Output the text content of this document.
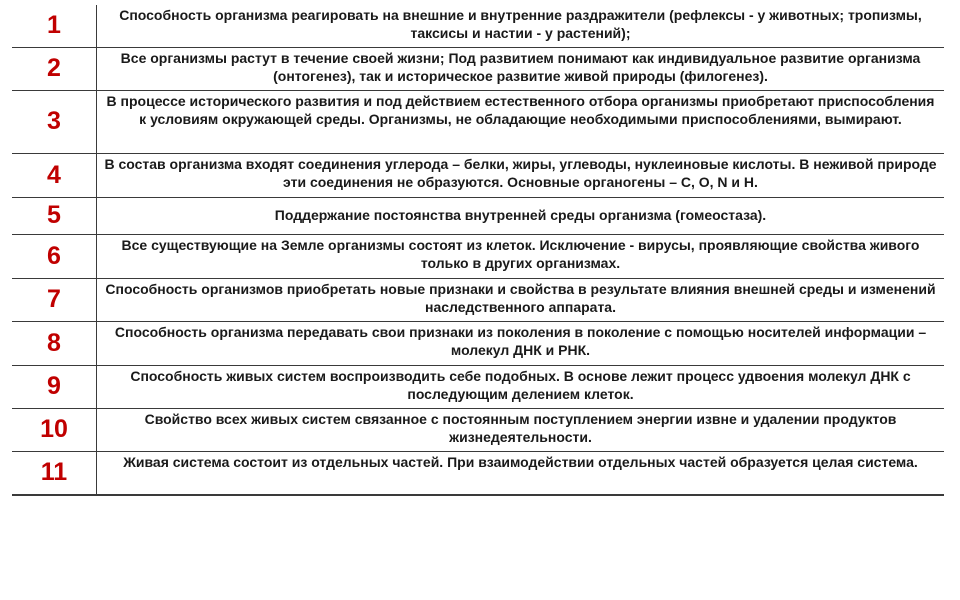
1	Способность организма реагировать на внешние и внутренние раздражители (рефлексы - у животных; тропизмы, таксисы и настии - у растений);
2	Все организмы растут в течение своей жизни; Под развитием понимают как индивидуальное развитие организма (онтогенез), так и историческое развитие живой природы (филогенез).
3	В процессе исторического развития и под действием естественного отбора организмы приобретают приспособления к условиям окружающей среды. Организмы, не обладающие необходимыми приспособлениями, вымирают.
4	В состав организма входят соединения углерода – белки, жиры, углеводы, нуклеиновые кислоты. В неживой природе эти соединения не образуются. Основные органогены – C, O, N и H.
5	Поддержание постоянства внутренней среды организма (гомеостаза).
6	Все существующие на Земле организмы состоят из клеток. Исключение - вирусы, проявляющие свойства живого только в других организмах.
7	Способность организмов приобретать новые признаки и свойства в результате влияния внешней среды и изменений наследственного аппарата.
8	Способность организма передавать свои признаки из поколения в поколение с помощью носителей информации – молекул ДНК и РНК.
9	Способность живых систем воспроизводить себе подобных. В основе лежит процесс удвоения молекул ДНК с последующим делением клеток.
10	Свойство всех живых систем связанное с постоянным поступлением энергии извне и удалении продуктов жизнедеятельности.
11	Живая система состоит из отдельных частей. При взаимодействии отдельных частей образуется целая система.
